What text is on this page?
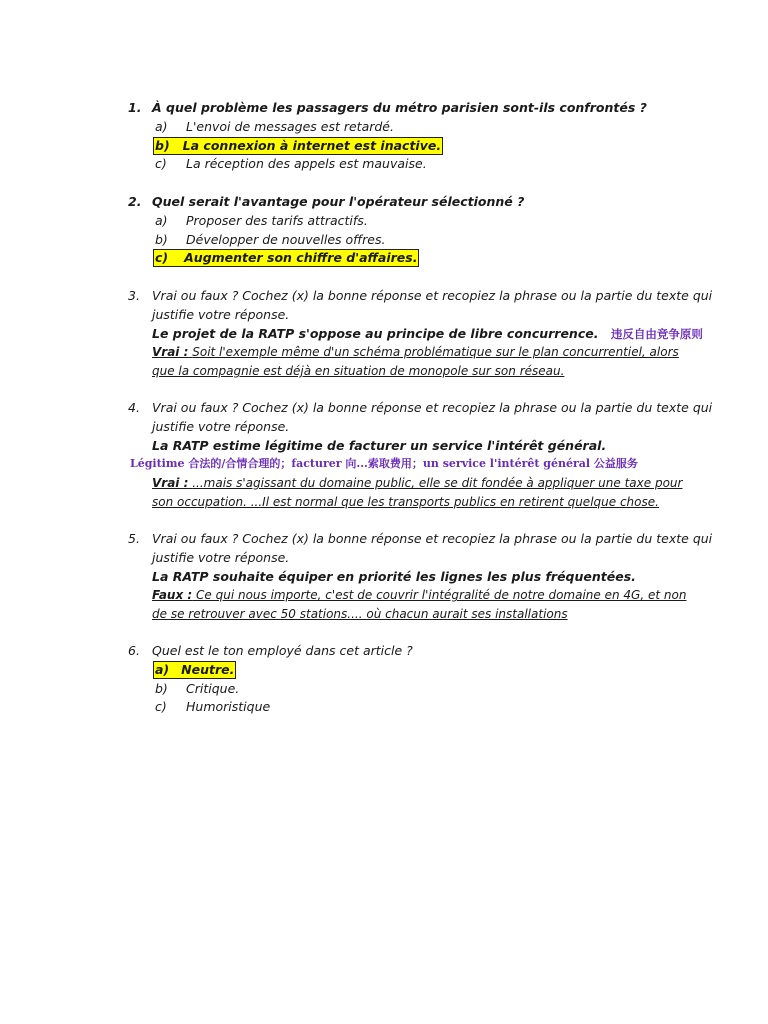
1. À quel problème les passagers du métro parisien sont-ils confrontés ?
a) L'envoi de messages est retardé.
b) La connexion à internet est inactive.
c) La réception des appels est mauvaise.
2. Quel serait l'avantage pour l'opérateur sélectionné ?
a) Proposer des tarifs attractifs.
b) Développer de nouvelles offres.
c) Augmenter son chiffre d'affaires.
3. Vrai ou faux ? Cochez (x) la bonne réponse et recopiez la phrase ou la partie du texte qui
justifie votre réponse.
Le projet de la RATP s'oppose au principe de libre concurrence. 违反自由竞争原则
Vrai : Soit l'exemple même d'un schéma problématique sur le plan concurrentiel, alors
que la compagnie est déjà en situation de monopole sur son réseau.
4. Vrai ou faux ? Cochez (x) la bonne réponse et recopiez la phrase ou la partie du texte qui
justifie votre réponse.
La RATP estime légitime de facturer un service l'intérêt général.
Légitime 合法的/合情合理的；facturer 向...索取费用；un service l'intérêt général 公益服务
Vrai : ...mais s'agissant du domaine public, elle se dit fondée à appliquer une taxe pour
son occupation. ...Il est normal que les transports publics en retirent quelque chose.
5. Vrai ou faux ? Cochez (x) la bonne réponse et recopiez la phrase ou la partie du texte qui
justifie votre réponse.
La RATP souhaite équiper en priorité les lignes les plus fréquentées.
Faux : Ce qui nous importe, c'est de couvrir l'intégralité de notre domaine en 4G, et non
de se retrouver avec 50 stations.... où chacun aurait ses installations
6. Quel est le ton employé dans cet article ?
a) Neutre.
b) Critique.
c) Humoristique
